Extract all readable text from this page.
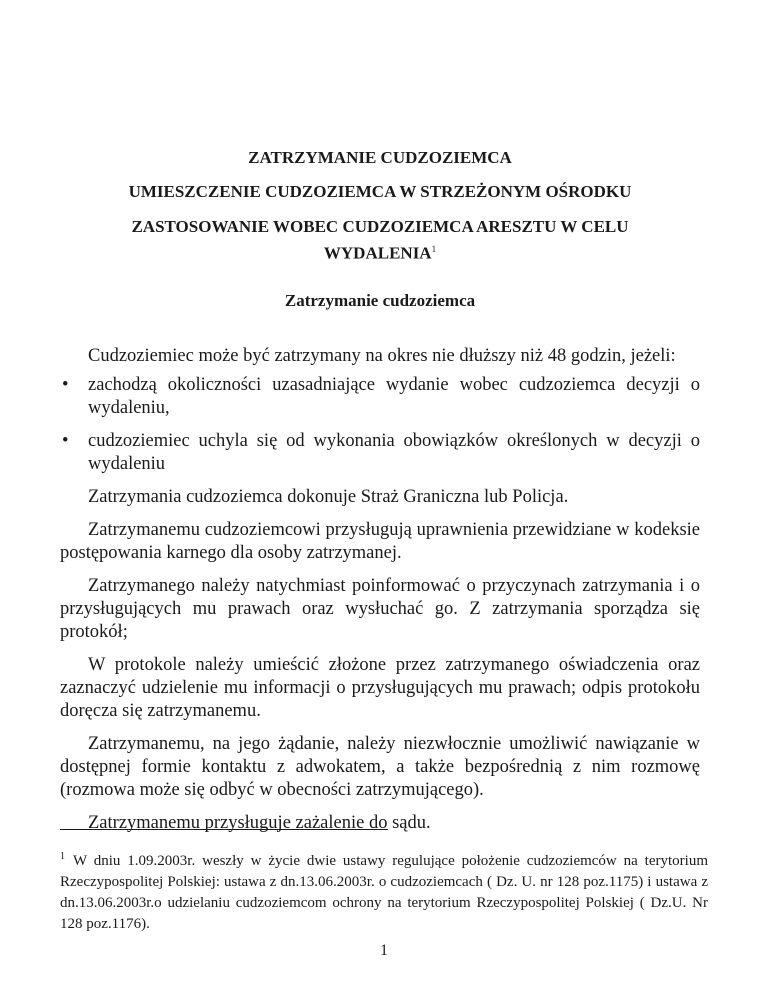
ZATRZYMANIE CUDZOZIEMCA

UMIESZCZENIE CUDZOZIEMCA W STRZEŻONYM OŚRODKU

ZASTOSOWANIE WOBEC CUDZOZIEMCA ARESZTU W CELU WYDALENIA$^1$

Zatrzymanie cudzoziemca

Cudzoziemiec może być zatrzymany na okres nie dłuższy niż 48 godzin, jeżeli:

• zachodzą okoliczności uzasadniające wydanie wobec cudzoziemca decyzji o wydaleniu,
• cudzoziemiec uchyla się od wykonania obowiązków określonych w decyzji o wydaleniu

Zatrzymania cudzoziemca dokonuje Straż Graniczna lub Policja.

Zatrzymanemu cudzoziemcowi przysługują uprawnienia przewidziane w kodeksie postępowania karnego dla osoby zatrzymanej.

Zatrzymanego należy natychmiast poinformować o przyczynach zatrzymania i o przysługujących mu prawach oraz wysłuchać go. Z zatrzymania sporządza się protokół;

W protokole należy umieścić złożone przez zatrzymanego oświadczenia oraz zaznaczyć udzielenie mu informacji o przysługujących mu prawach; odpis protokołu doręcza się zatrzymanemu.

Zatrzymanemu, na jego żądanie, należy niezwłocznie umożliwić nawiązanie w dostępnej formie kontaktu z adwokatem, a także bezpośrednią z nim rozmowę (rozmowa może się odbyć w obecności zatrzymującego).

Zatrzymanemu przysługuje zażalenie do sądu.

$^1$ W dniu 1.09.2003r. weszły w życie dwie ustawy regulujące położenie cudzoziemców na terytorium Rzeczypospolitej Polskiej: ustawa z dn.13.06.2003r. o cudzoziemcach ( Dz. U. nr 128 poz.1175) i ustawa z dn.13.06.2003r.o udzielaniu cudzoziemcom ochrony na terytorium Rzeczypospolitej Polskiej ( Dz.U. Nr 128 poz.1176).
1
